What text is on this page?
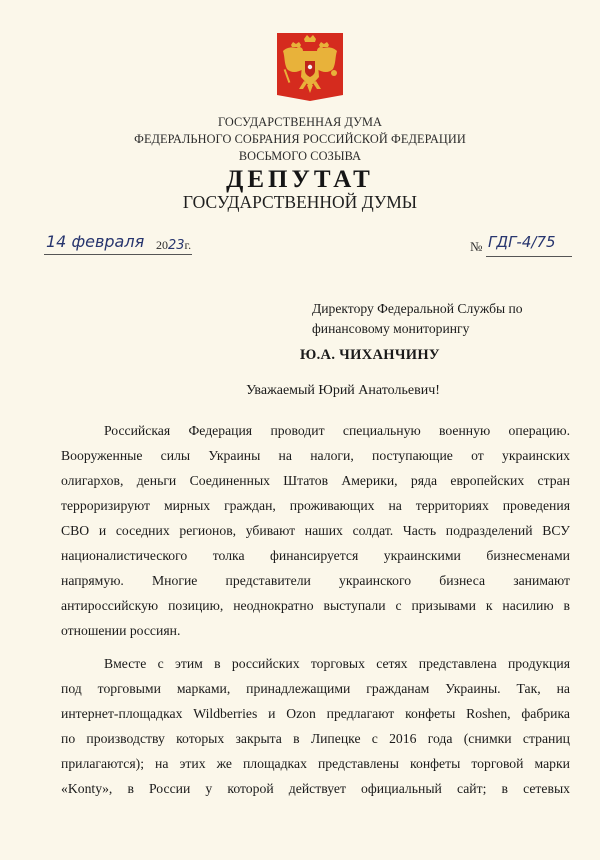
ГОСУДАРСТВЕННАЯ ДУМА
ФЕДЕРАЛЬНОГО СОБРАНИЯ РОССИЙСКОЙ ФЕДЕРАЦИИ
ВОСЬМОГО СОЗЫВА
ДЕПУТАТ
ГОСУДАРСТВЕННОЙ ДУМЫ
14 февраля 2023г.	№ ГДГ-4/75
Директору Федеральной Службы по
финансовому мониторингу
Ю.А. ЧИХАНЧИНУ
Уважаемый Юрий Анатольевич!
Российская Федерация проводит специальную военную операцию.
Вооруженные силы Украины на налоги, поступающие от украинских
олигархов, деньги Соединенных Штатов Америки, ряда европейских стран
терроризируют мирных граждан, проживающих на территориях проведения
СВО и соседних регионов, убивают наших солдат. Часть подразделений ВСУ
националистического толка финансируется украинскими бизнесменами
напрямую. Многие представители украинского бизнеса занимают
антироссийскую позицию, неоднократно выступали с призывами к насилию в
отношении россиян.
Вместе с этим в российских торговых сетях представлена продукция
под торговыми марками, принадлежащими гражданам Украины. Так, на
интернет-площадках Wildberries и Ozon предлагают конфеты Roshen, фабрика
по производству которых закрыта в Липецке с 2016 года (снимки страниц
прилагаются); на этих же площадках представлены конфеты торговой марки
«Konty», в России у которой действует официальный сайт; в сетевых
